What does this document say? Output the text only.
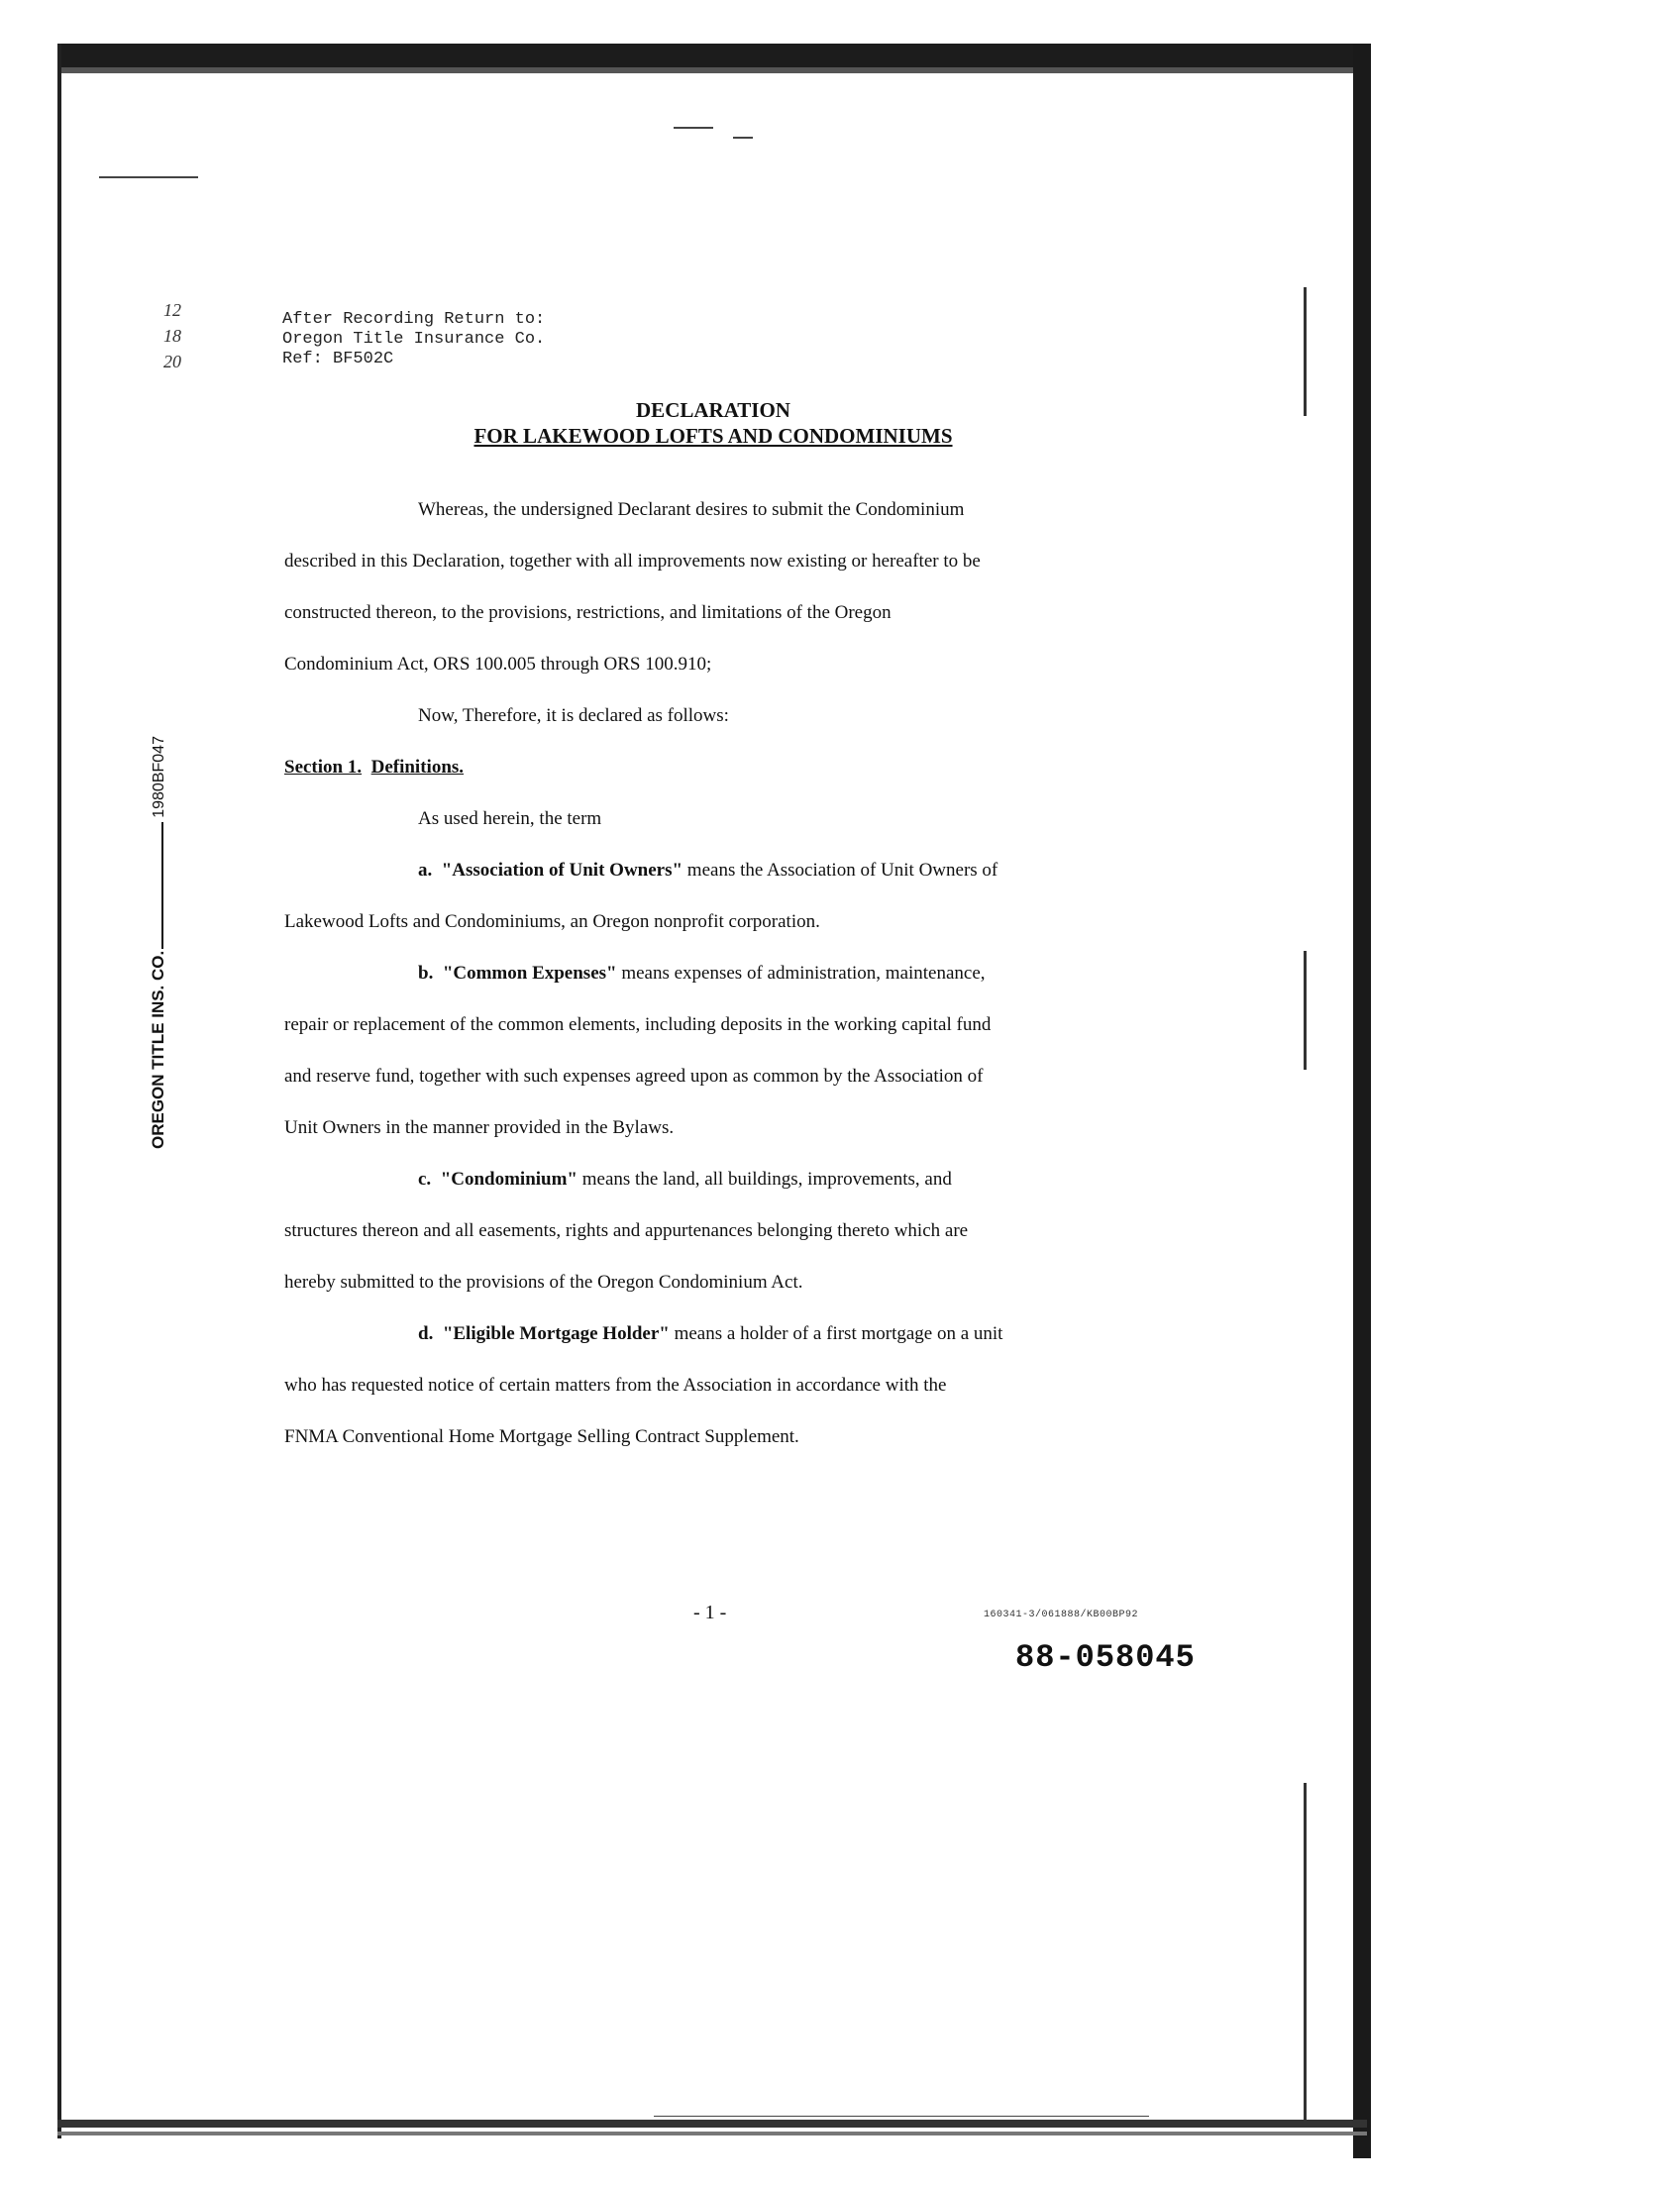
12
18
20
After Recording Return to:
Oregon Title Insurance Co.
Ref: BF502C
DECLARATION
FOR LAKEWOOD LOFTS AND CONDOMINIUMS
Whereas, the undersigned Declarant desires to submit the Condominium
described in this Declaration, together with all improvements now existing or hereafter to be
constructed thereon, to the provisions, restrictions, and limitations of the Oregon
Condominium Act, ORS 100.005 through ORS 100.910;
Now, Therefore, it is declared as follows:
Section 1. Definitions.
As used herein, the term
a. "Association of Unit Owners" means the Association of Unit Owners of
Lakewood Lofts and Condominiums, an Oregon nonprofit corporation.
b. "Common Expenses" means expenses of administration, maintenance,
repair or replacement of the common elements, including deposits in the working capital fund
and reserve fund, together with such expenses agreed upon as common by the Association of
Unit Owners in the manner provided in the Bylaws.
c. "Condominium" means the land, all buildings, improvements, and
structures thereon and all easements, rights and appurtenances belonging thereto which are
hereby submitted to the provisions of the Oregon Condominium Act.
d. "Eligible Mortgage Holder" means a holder of a first mortgage on a unit
who has requested notice of certain matters from the Association in accordance with the
FNMA Conventional Home Mortgage Selling Contract Supplement.
OREGON TITLE INS. CO.1980BF047
- 1 -	160341-3/061888/KB00BP92
88-058045
